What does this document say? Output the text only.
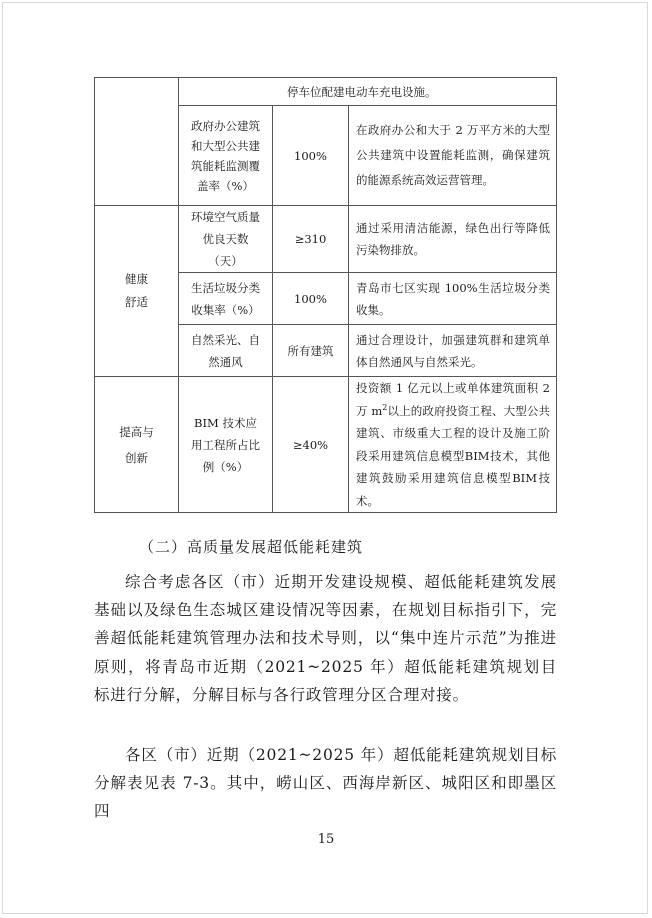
	停车位配建电动车充电设施。		

	政府办公建筑和大型公共建筑能耗监测覆盖率（%）	100%	在政府办公和大于 2 万平方米的大型公共建筑中设置能耗监测，确保建筑的能源系统高效运营管理。

健康
舒适	环境空气质量优良天数（天）	≥310	通过采用清洁能源，绿色出行等降低污染物排放。

	生活垃圾分类收集率（%）	100%	青岛市七区实现 100%生活垃圾分类收集。

	自然采光、自然通风	所有建筑	通过合理设计，加强建筑群和建筑单体自然通风与自然采光。

提高与
创新	BIM 技术应用工程所占比例（%）	≥40%	投资额 1 亿元以上或单体建筑面积 2 万 $m^2$以上的政府投资工程、大型公共建筑、市级重大工程的设计及施工阶段采用建筑信息模型BIM技术，其他建筑鼓励采用建筑信息模型BIM技术。
（二）高质量发展超低能耗建筑

综合考虑各区（市）近期开发建设规模、超低能耗建筑发展基础以及绿色生态城区建设情况等因素，在规划目标指引下，完善超低能耗建筑管理办法和技术导则，以“集中连片示范”为推进原则，将青岛市近期（2021~2025 年）超低能耗建筑规划目标进行分解，分解目标与各行政管理分区合理对接。

各区（市）近期（2021~2025 年）超低能耗建筑规划目标分解表见表 7-3。其中，崂山区、西海岸新区、城阳区和即墨区四

15
